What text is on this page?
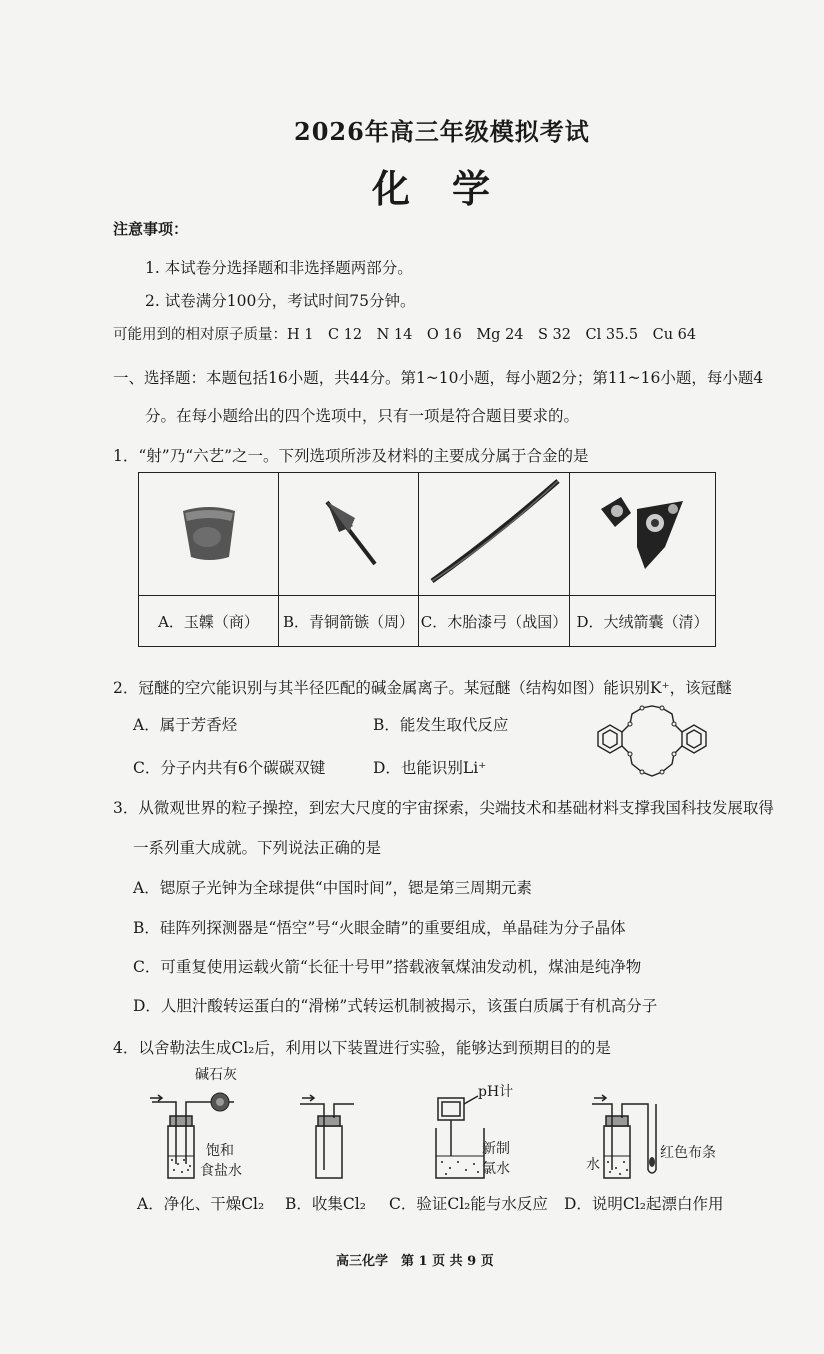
2026年高三年级模拟考试
化学
注意事项：
1. 本试卷分选择题和非选择题两部分。
2. 试卷满分100分，考试时间75分钟。
可能用到的相对原子质量：H 1　C 12　N 14　O 16　Mg 24　S 32　Cl 35.5　Cu 64
一、选择题：本题包括16小题，共44分。第1~10小题，每小题2分；第11~16小题，每小题4
分。在每小题给出的四个选项中，只有一项是符合题目要求的。
1．“射”乃“六艺”之一。下列选项所涉及材料的主要成分属于合金的是

A．玉韘（商）	B．青铜箭镞（周）	C．木胎漆弓（战国）	D．大绒箭囊（清）
2．冠醚的空穴能识别与其半径匹配的碱金属离子。某冠醚（结构如图）能识别K⁺，该冠醚
A．属于芳香烃	B．能发生取代反应
C．分子内共有6个碳碳双键	D．也能识别Li⁺
3．从微观世界的粒子操控，到宏大尺度的宇宙探索，尖端技术和基础材料支撑我国科技发展取得
一系列重大成就。下列说法正确的是
A．锶原子光钟为全球提供“中国时间”，锶是第三周期元素
B．硅阵列探测器是“悟空”号“火眼金睛”的重要组成，单晶硅为分子晶体
C．可重复使用运载火箭“长征十号甲”搭载液氧煤油发动机，煤油是纯净物
D．人胆汁酸转运蛋白的“滑梯”式转运机制被揭示，该蛋白质属于有机高分子
4．以舍勒法生成Cl₂后，利用以下装置进行实验，能够达到预期目的的是
碱石灰
饱和
食盐水
pH计
新制
氯水	水
红色布条
A．净化、干燥Cl₂ B．收集Cl₂ C．验证Cl₂能与水反应 D．说明Cl₂起漂白作用
高三化学　第 1 页 共 9 页
